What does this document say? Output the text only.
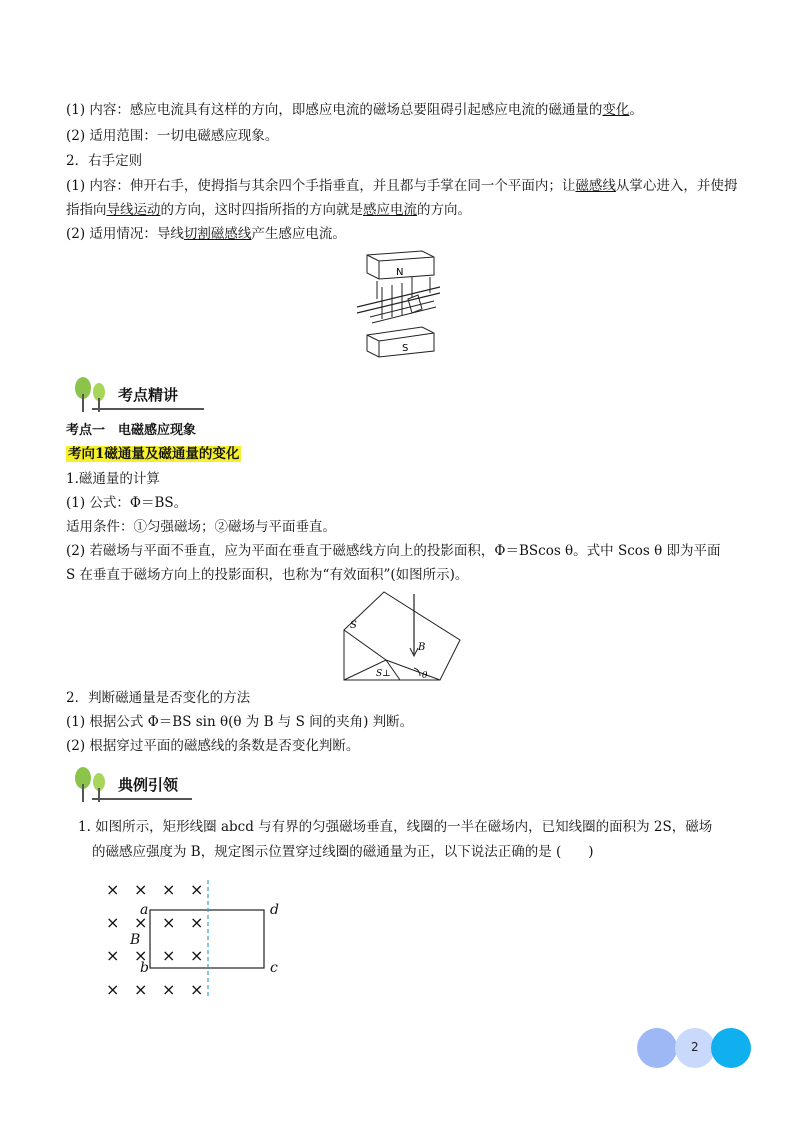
(1) 内容：感应电流具有这样的方向，即感应电流的磁场总要阻碍引起感应电流的磁通量的变化。
(2) 适用范围：一切电磁感应现象。
2．右手定则
(1) 内容：伸开右手，使拇指与其余四个手指垂直，并且都与手掌在同一个平面内；让磁感线从掌心进入，并使拇
指指向导线运动的方向，这时四指所指的方向就是感应电流的方向。
(2) 适用情况：导线切割磁感线产生感应电流。
N
S
考点精讲
考点一　电磁感应现象
考向1磁通量及磁通量的变化
1.磁通量的计算
(1) 公式：Φ＝BS。
适用条件：①匀强磁场；②磁场与平面垂直。
(2) 若磁场与平面不垂直，应为平面在垂直于磁感线方向上的投影面积，Φ＝BScos θ。式中 Scos θ 即为平面
S 在垂直于磁场方向上的投影面积，也称为“有效面积”(如图所示)。
S
B
S⊥	θ
2．判断磁通量是否变化的方法
(1) 根据公式 Φ＝BS sin θ(θ 为 B 与 S 间的夹角) 判断。
(2) 根据穿过平面的磁感线的条数是否变化判断。
典例引领
1. 如图所示，矩形线圈 abcd 与有界的匀强磁场垂直，线圈的一半在磁场内，已知线圈的面积为 2S，磁场
的磁感应强度为 B，规定图示位置穿过线圈的磁通量为正，以下说法正确的是 (　　)
× × × ×
× × × ×
× × × ×
× × × ×
a	d
b	c
B
2
